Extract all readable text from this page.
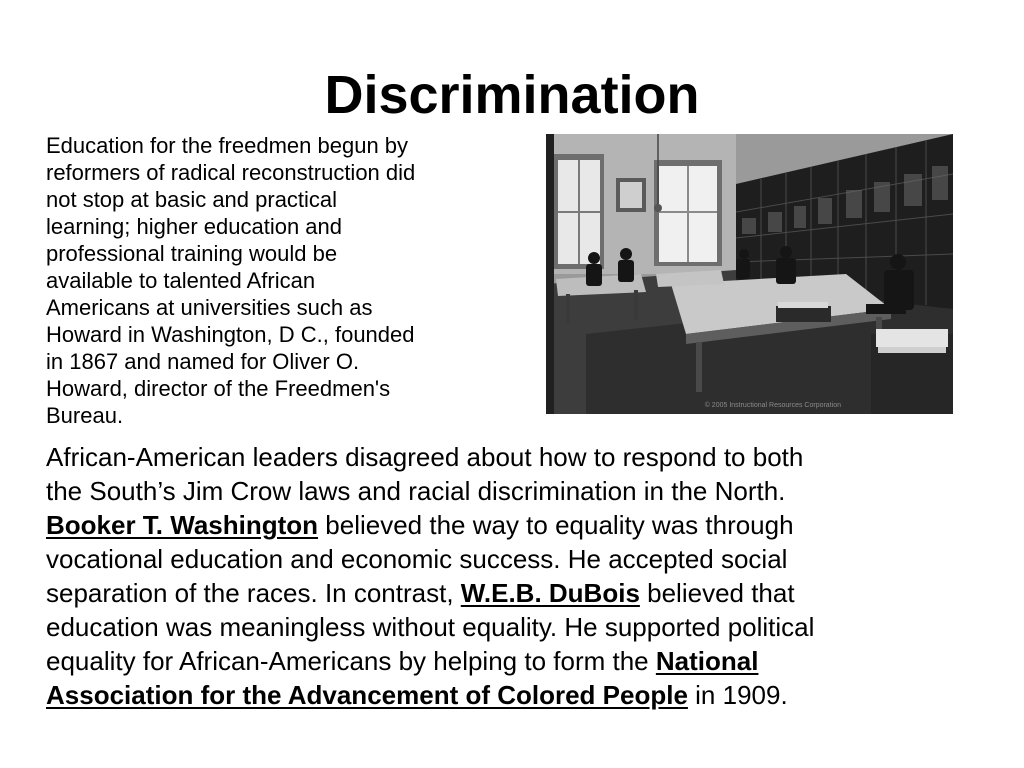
Discrimination
Education for the freedmen begun by
reformers of radical reconstruction did
not stop at basic and practical
learning; higher education and
professional training would be
available to talented African
Americans at universities such as
Howard in Washington, D C., founded
in 1867 and named for Oliver O.
Howard, director of the Freedmen's
Bureau.	© 2005 Instructional Resources Corporation
African-American leaders disagreed about how to respond to both
the South’s Jim Crow laws and racial discrimination in the North.
Booker T. Washington believed the way to equality was through
vocational education and economic success. He accepted social
separation of the races. In contrast, W.E.B. DuBois believed that
education was meaningless without equality. He supported political
equality for African-Americans by helping to form the National
Association for the Advancement of Colored People in 1909.
